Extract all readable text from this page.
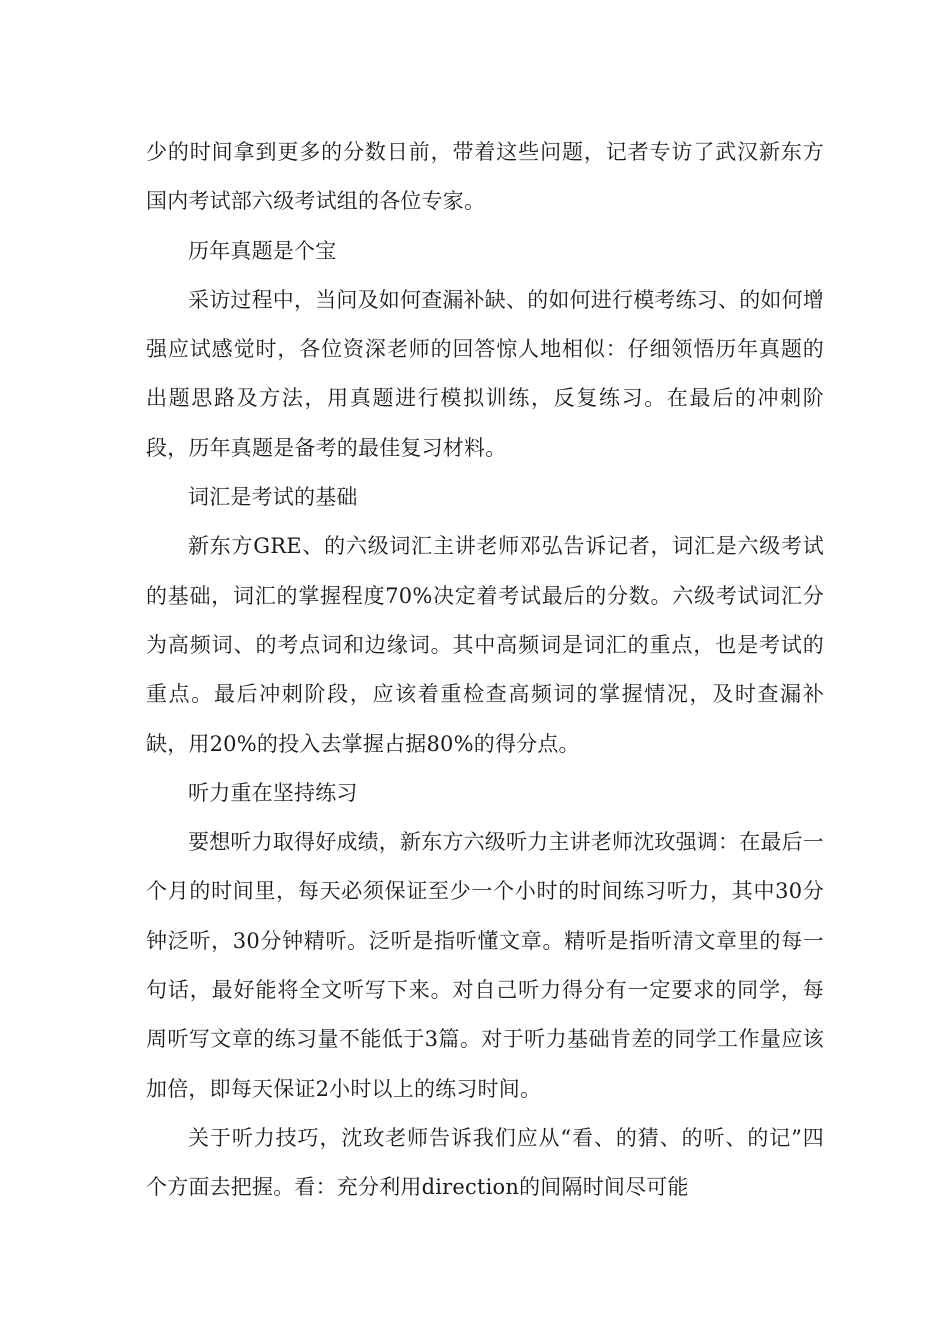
少的时间拿到更多的分数日前，带着这些问题，记者专访了武汉新东方国内考试部六级考试组的各位专家。

历年真题是个宝

采访过程中，当问及如何查漏补缺、的如何进行模考练习、的如何增强应试感觉时，各位资深老师的回答惊人地相似：仔细领悟历年真题的出题思路及方法，用真题进行模拟训练，反复练习。在最后的冲刺阶段，历年真题是备考的最佳复习材料。

词汇是考试的基础

新东方GRE、的六级词汇主讲老师邓弘告诉记者，词汇是六级考试的基础，词汇的掌握程度70%决定着考试最后的分数。六级考试词汇分为高频词、的考点词和边缘词。其中高频词是词汇的重点，也是考试的重点。最后冲刺阶段，应该着重检查高频词的掌握情况，及时查漏补缺，用20%的投入去掌握占据80%的得分点。

听力重在坚持练习

要想听力取得好成绩，新东方六级听力主讲老师沈玫强调：在最后一个月的时间里，每天必须保证至少一个小时的时间练习听力，其中30分钟泛听，30分钟精听。泛听是指听懂文章。精听是指听清文章里的每一句话，最好能将全文听写下来。对自己听力得分有一定要求的同学，每周听写文章的练习量不能低于3篇。对于听力基础肯差的同学工作量应该加倍，即每天保证2小时以上的练习时间。

关于听力技巧，沈玫老师告诉我们应从“看、的猜、的听、的记”四个方面去把握。看：充分利用direction的间隔时间尽可能
